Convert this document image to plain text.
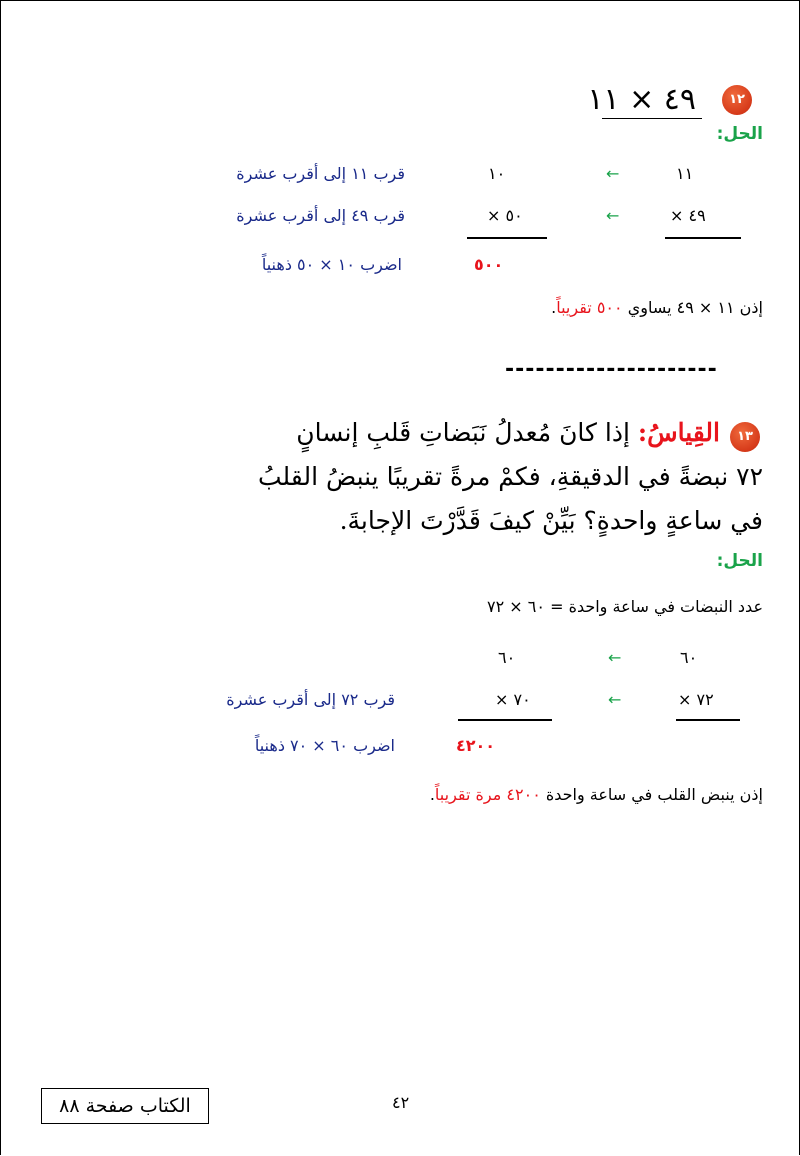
١٢
٤٩ × ١١
الحل:
١١
←
١٠
قرب ١١ إلى أقرب عشرة
٤٩ ×
←
٥٠ ×
قرب ٤٩ إلى أقرب عشرة
٥٠٠
اضرب ١٠ × ٥٠ ذهنياً
إذن ١١ × ٤٩ يساوي ٥٠٠ تقريباً.
---------------------
١٣
القِياسُ: إذا كانَ مُعدلُ نَبَضاتِ قَلبِ إنسانٍ
٧٢ نبضةً في الدقيقةِ، فكمْ مرةً تقريبًا ينبضُ القلبُ
في ساعةٍ واحدةٍ؟ بَيِّنْ كيفَ قَدَّرْتَ الإجابةَ.
الحل:
عدد النبضات في ساعة واحدة = ٦٠ × ٧٢
٦٠
←
٦٠
٧٢ ×
←
٧٠ ×
قرب ٧٢ إلى أقرب عشرة
٤٢٠٠
اضرب ٦٠ × ٧٠ ذهنياً
إذن ينبض القلب في ساعة واحدة ٤٢٠٠ مرة تقريباً.
٤٢
الكتاب صفحة ٨٨
